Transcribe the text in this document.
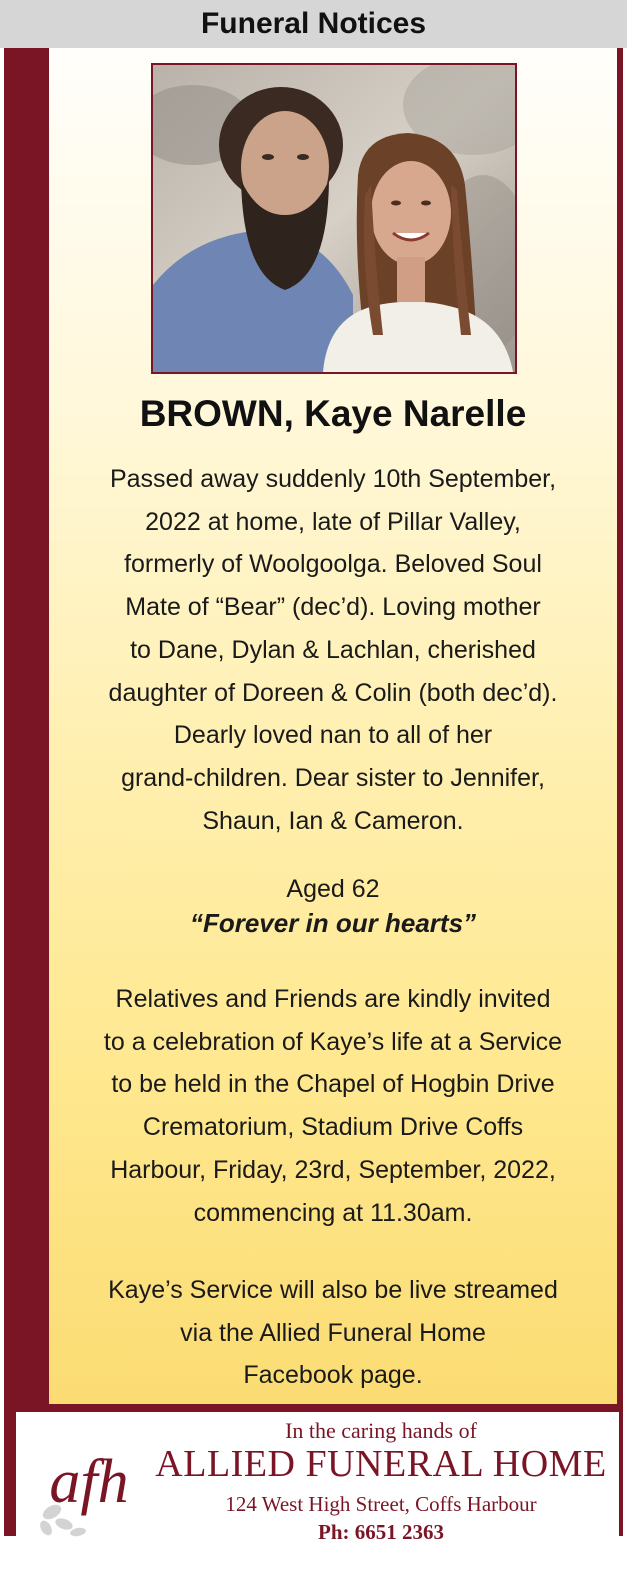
Funeral Notices
BROWN, Kaye Narelle

Passed away suddenly 10th September,
2022 at home, late of Pillar Valley,
formerly of Woolgoolga. Beloved Soul
Mate of “Bear” (dec’d). Loving mother
to Dane, Dylan & Lachlan, cherished
daughter of Doreen & Colin (both dec’d).
Dearly loved nan to all of her
grand-children. Dear sister to Jennifer,
Shaun, Ian & Cameron.

Aged 62

“Forever in our hearts”

Relatives and Friends are kindly invited
to a celebration of Kaye’s life at a Service
to be held in the Chapel of Hogbin Drive
Crematorium, Stadium Drive Coffs
Harbour, Friday, 23rd, September, 2022,
commencing at 11.30am.

Kaye’s Service will also be live streamed
via the Allied Funeral Home
Facebook page.

afh
In the caring hands of
ALLIED FUNERAL HOME
124 West High Street, Coffs Harbour
Ph: 6651 2363
